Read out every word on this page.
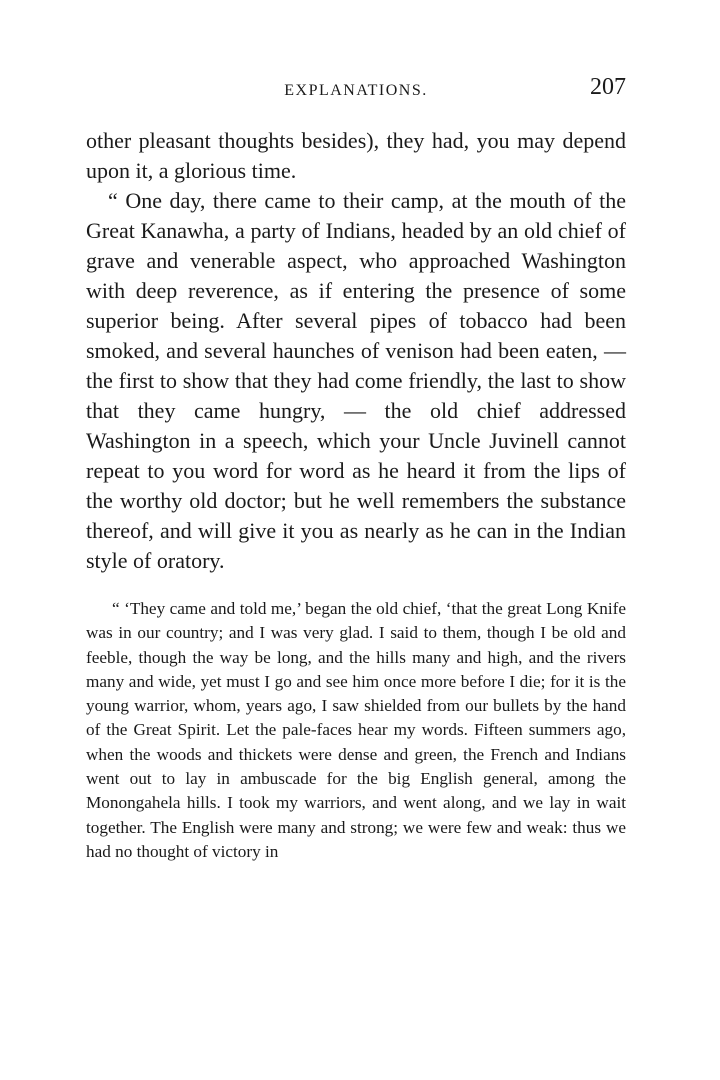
EXPLANATIONS.	207

other pleasant thoughts besides), they had, you may depend upon it, a glorious time.

“ One day, there came to their camp, at the mouth of the Great Kanawha, a party of Indians, headed by an old chief of grave and venerable aspect, who approached Washington with deep reverence, as if entering the presence of some superior being. After several pipes of tobacco had been smoked, and several haunches of venison had been eaten, — the first to show that they had come friendly, the last to show that they came hungry, — the old chief addressed Washington in a speech, which your Uncle Juvinell cannot repeat to you word for word as he heard it from the lips of the worthy old doctor; but he well remembers the substance thereof, and will give it you as nearly as he can in the Indian style of oratory.

“ ‘They came and told me,’ began the old chief, ‘that the great Long Knife was in our country; and I was very glad. I said to them, though I be old and feeble, though the way be long, and the hills many and high, and the rivers many and wide, yet must I go and see him once more before I die; for it is the young warrior, whom, years ago, I saw shielded from our bullets by the hand of the Great Spirit. Let the pale-faces hear my words. Fifteen summers ago, when the woods and thickets were dense and green, the French and Indians went out to lay in ambuscade for the big English general, among the Monongahela hills. I took my warriors, and went along, and we lay in wait together. The English were many and strong; we were few and weak: thus we had no thought of victory in
